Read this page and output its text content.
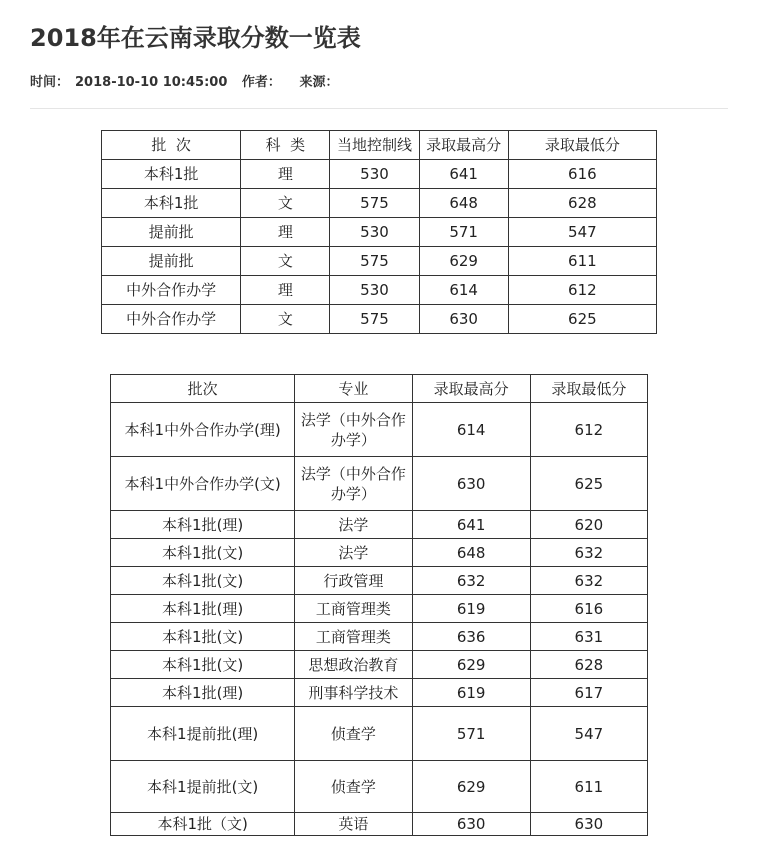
2018年在云南录取分数一览表
时间： 2018-10-10 10:45:00 作者： 来源：
批  次	科  类	当地控制线	录取最高分	录取最低分
本科1批	理	530	641	616
本科1批	文	575	648	628
提前批	理	530	571	547
提前批	文	575	629	611
中外合作办学	理	530	614	612
中外合作办学	文	575	630	625
批次	专业	录取最高分	录取最低分
本科1中外合作办学(理)	法学（中外合作办学）	614	612
本科1中外合作办学(文)	法学（中外合作办学）	630	625
本科1批(理)	法学	641	620
本科1批(文)	法学	648	632
本科1批(文)	行政管理	632	632
本科1批(理)	工商管理类	619	616
本科1批(文)	工商管理类	636	631
本科1批(文)	思想政治教育	629	628
本科1批(理)	刑事科学技术	619	617
本科1提前批(理)	侦查学	571	547
本科1提前批(文)	侦查学	629	611
本科1批（文)	英语	630	630
